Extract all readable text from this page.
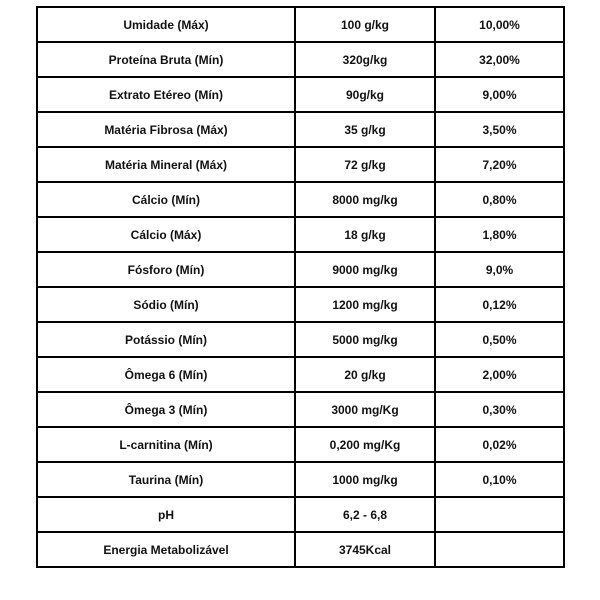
Umidade (Máx)	100 g/kg	10,00%
Proteína Bruta (Mín)	320g/kg	32,00%
Extrato Etéreo (Mín)	90g/kg	9,00%
Matéria Fibrosa (Máx)	35 g/kg	3,50%
Matéria Mineral (Máx)	72 g/kg	7,20%
Cálcio (Mín)	8000 mg/kg	0,80%
Cálcio (Máx)	18 g/kg	1,80%
Fósforo (Mín)	9000 mg/kg	9,0%
Sódio (Mín)	1200 mg/kg	0,12%
Potássio (Mín)	5000 mg/kg	0,50%
Ômega 6 (Mín)	20 g/kg	2,00%
Ômega 3 (Mín)	3000 mg/Kg	0,30%
L-carnitina (Mín)	0,200 mg/Kg	0,02%
Taurina (Mín)	1000 mg/kg	0,10%
pH	6,2 - 6,8	
Energia Metabolizável	3745Kcal	
